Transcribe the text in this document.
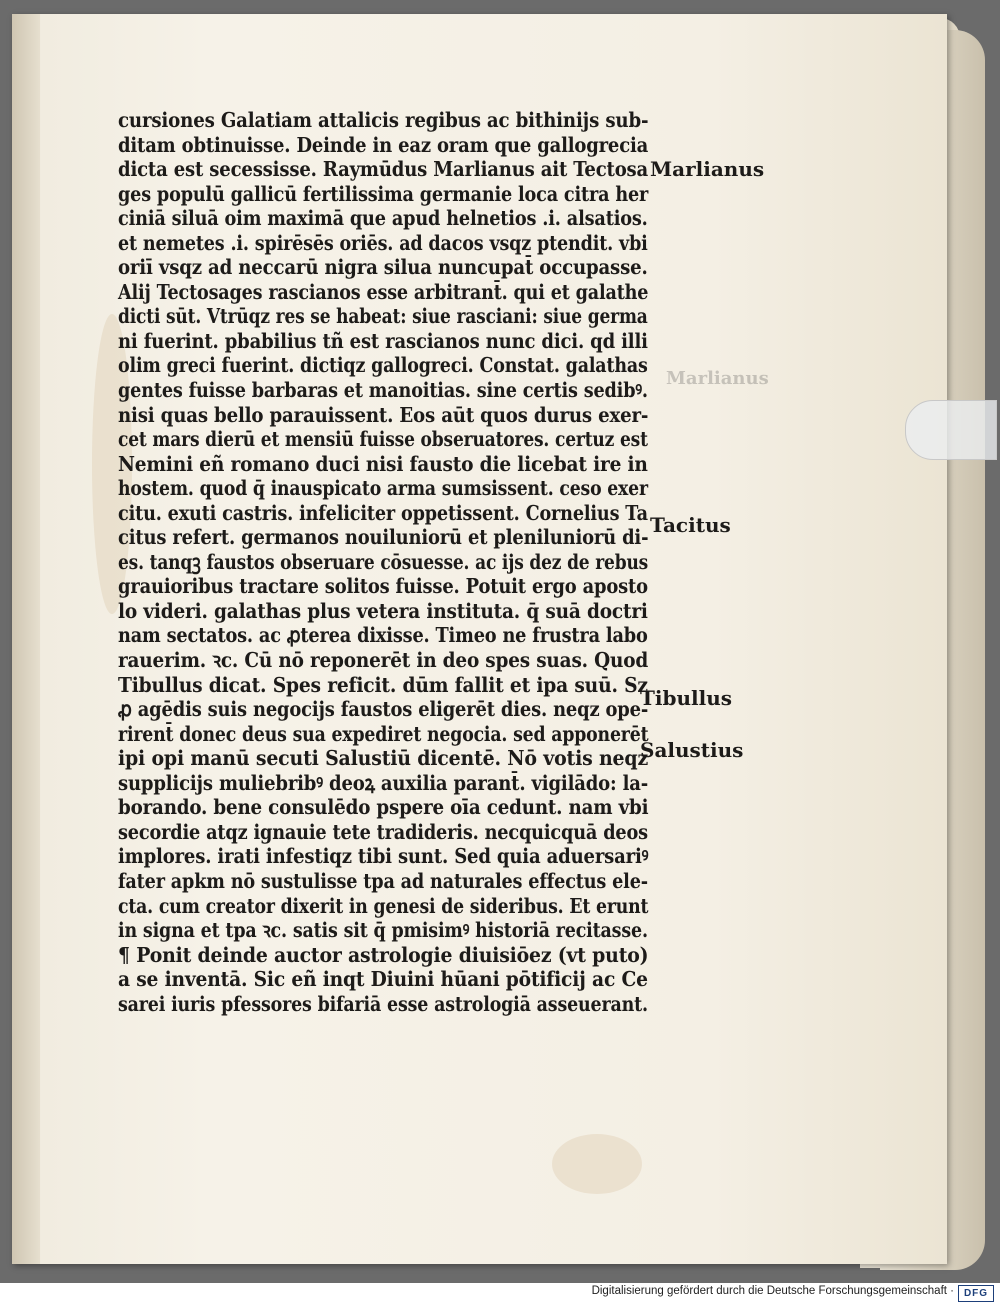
cursiones Galatiam attalicis regibus ac bithinijs sub-
ditam obtinuisse. Deinde in eaz oram que gallogrecia
dicta est secessisse. Raymūdus Marlianus ait Tectosa
ges populū gallicū fertilissima germanie loca citra her
ciniā siluā oim maximā que apud helnetios .i. alsatios.
et nemetes .i. spirēsēs oriēs. ad dacos vsqz ptendit. vbi
oriī vsqz ad neccarū nigra silua nuncupat̄ occupasse.
Alij Tectosages rascianos esse arbitrant̄. qui et galathe
dicti sūt. Vtrūqz res se habeat: siue rasciani: siue germa
ni fuerint. pbabilius tñ est rascianos nunc dici. qd illi
olim greci fuerint. dictiqz gallogreci. Constat. galathas
gentes fuisse barbaras et manoitias. sine certis sedibꝰ.
nisi quas bello parauissent. Eos aūt quos durus exer-
cet mars dierū et mensiū fuisse obseruatores. certuz est
Nemini eñ romano duci nisi fausto die licebat ire in
hostem. quod q̄ inauspicato arma sumsissent. ceso exer
citu. exuti castris. infeliciter oppetissent. Cornelius Ta
citus refert. germanos nouiluniorū et pleniluniorū di-
es. tanqꝫ faustos obseruare cōsuesse. ac ijs dez de rebus
grauioribus tractare solitos fuisse. Potuit ergo aposto
lo videri. galathas plus vetera instituta. q̄ suā doctri
nam sectatos. ac ꝓterea dixisse. Timeo ne frustra labo
rauerim. ꝛc. Cū nō reponerēt in deo spes suas. Quod
Tibullus dicat. Spes reficit. dūm fallit et ipa suū. Sz
ꝓ agēdis suis negocijs faustos eligerēt dies. neqz ope-
rirent̄ donec deus sua expediret negocia. sed apponerēt
ipi opi manū secuti Salustiū dicentē. Nō votis neqz
supplicijs muliebribꝰ deoꝝ auxilia parant̄. vigilādo: la-
borando. bene consulēdo pspere oīa cedunt. nam vbi
secordie atqz ignauie tete tradideris. necquicquā deos
implores. irati infestiqz tibi sunt. Sed quia aduersariꝰ
fater apkm nō sustulisse tpa ad naturales effectus ele-
cta. cum creator dixerit in genesi de sideribus. Et erunt
in signa et tpa ꝛc. satis sit q̄ pmisimꝰ historiā recitasse.
¶ Ponit deinde auctor astrologie diuisiōez (vt puto)
a se inventā. Sic eñ inqt Diuini hūani pōtificij ac Ce
sarei iuris pfessores bifariā esse astrologiā asseuerant.
Marlianus
Marlianus
Tacitus
Tibullus
Salustius
Digitalisierung gefördert durch die Deutsche Forschungsgemeinschaft · DFG
